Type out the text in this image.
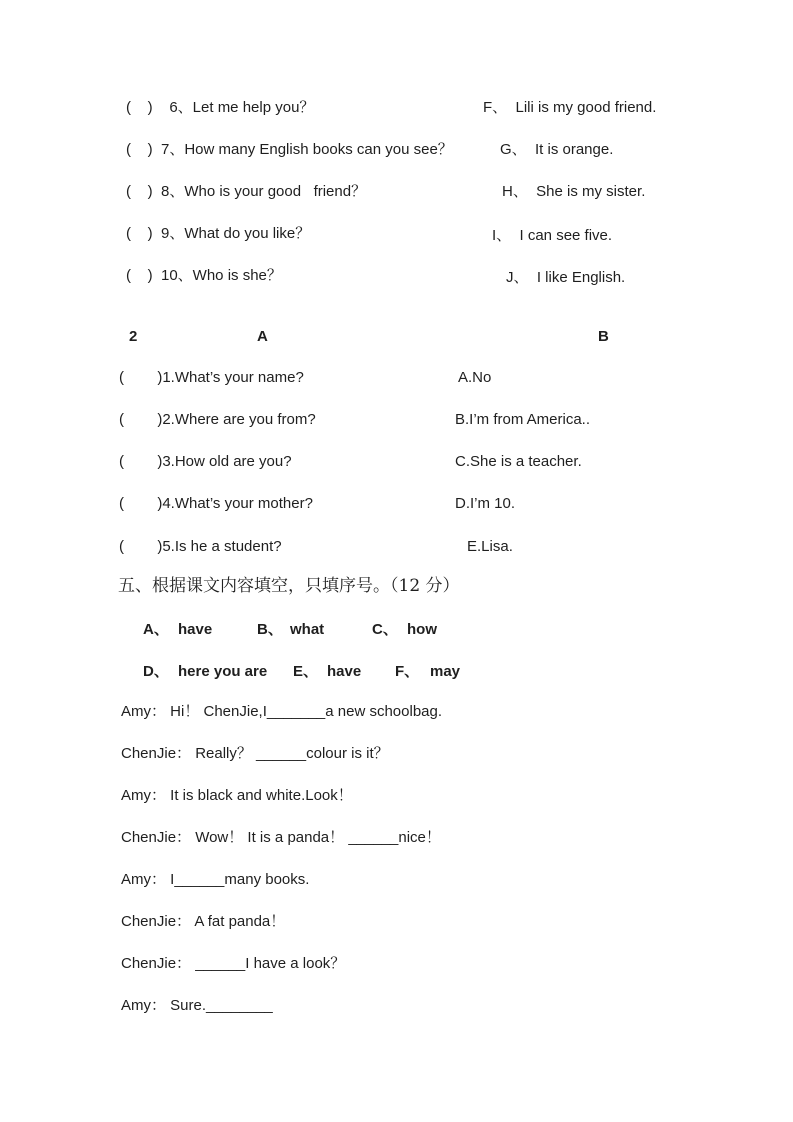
(    )    6、Let me help you？	F、  Lili is my good friend.
(    )  7、How many English books can you see？	G、  It is orange.
(    )  8、Who is your good   friend？	H、  She is my sister.
(    )  9、What do you like？	I、  I can see five.
(    )  10、Who is she？	J、  I like English.
2	A	B
(        )1.What’s your name?	A.No
(        )2.Where are you from?	B.I’m from America..
(        )3.How old are you?	C.She is a teacher.
(        )4.What’s your mother?	D.I’m 10.
(        )5.Is he a student?	E.Lisa.
五、根据课文内容填空，只填序号。（12 分）
A、 have	B、 what	C、 how
D、 here you are E、 have F、 may
Amy： Hi！ ChenJie,I_______a new schoolbag.
ChenJie： Really？ ______colour is it？
Amy： It is black and white.Look！
ChenJie： Wow！ It is a panda！ ______nice！
Amy： I______many books.
ChenJie： A fat panda！
ChenJie： ______I have a look？
Amy： Sure.________
